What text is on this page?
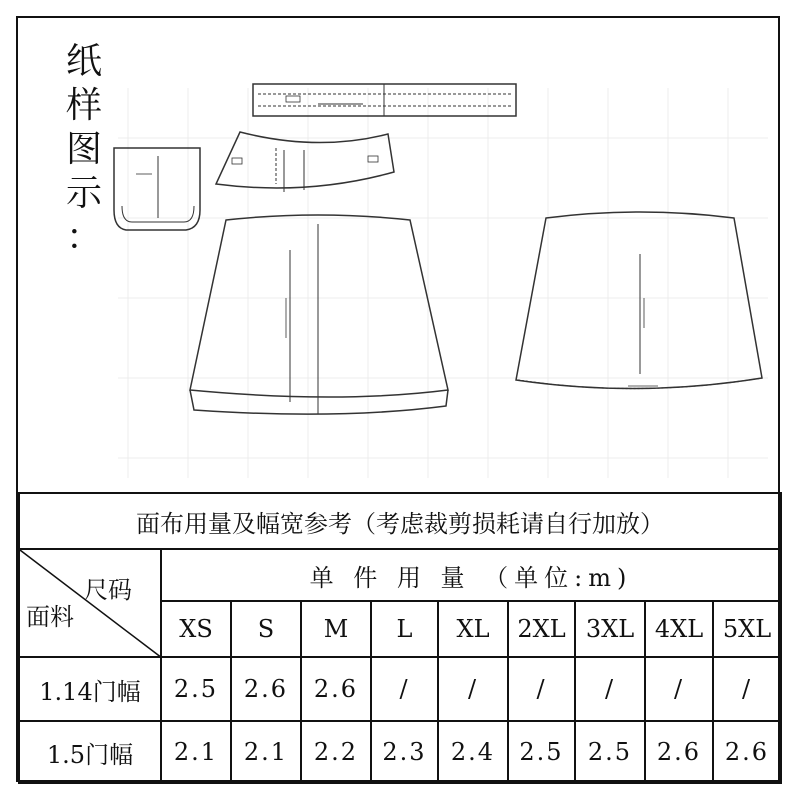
纸
样
图
示
：
面布用量及幅宽参考（考虑裁剪损耗请自行加放）									

尺码
面料	单 件 用 量 （单位:m)								
	XS	S	M	L	XL	2XL	3XL	4XL	5XL
1.14门幅	2.5	2.6	2.6	/	/	/	/	/	/
1.5门幅	2.1	2.1	2.2	2.3	2.4	2.5	2.5	2.6	2.6
